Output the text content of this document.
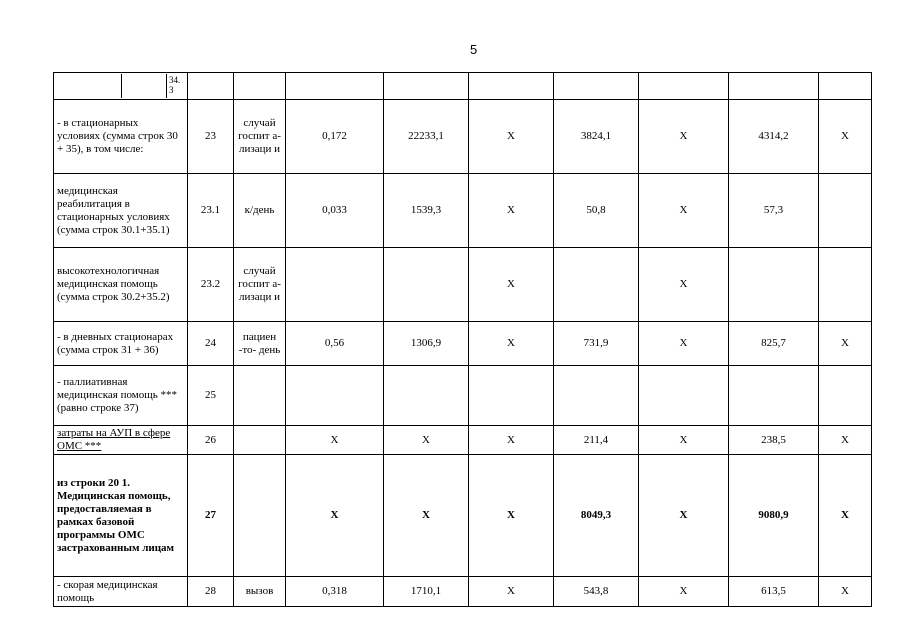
5
34.
3									

- в стационарных условиях (сумма строк 30 + 35), в том числе:	23	случай госпит а- лизаци и	0,172	22233,1	X	3824,1	X	4314,2	X
медицинская реабилитация в стационарных условиях (сумма строк 30.1+35.1)	23.1	к/день	0,033	1539,3	X	50,8	X	57,3	
высокотехнологичная медицинская помощь (сумма строк 30.2+35.2)	23.2	случай госпит а- лизаци и			X		X		
- в дневных стационарах (сумма строк 31 + 36)	24	пациен -то- день	0,56	1306,9	X	731,9	X	825,7	X
- паллиативная медицинская помощь *** (равно строке 37)	25								
затраты на АУП в сфере ОМС ***	26		X	X	X	211,4	X	238,5	X
из строки 20 1. Медицинская помощь, предоставляемая в рамках базовой программы ОМС застрахованным лицам	27		X	X	X	8049,3	X	9080,9	X
- скорая медицинская помощь	28	вызов	0,318	1710,1	X	543,8	X	613,5	X
